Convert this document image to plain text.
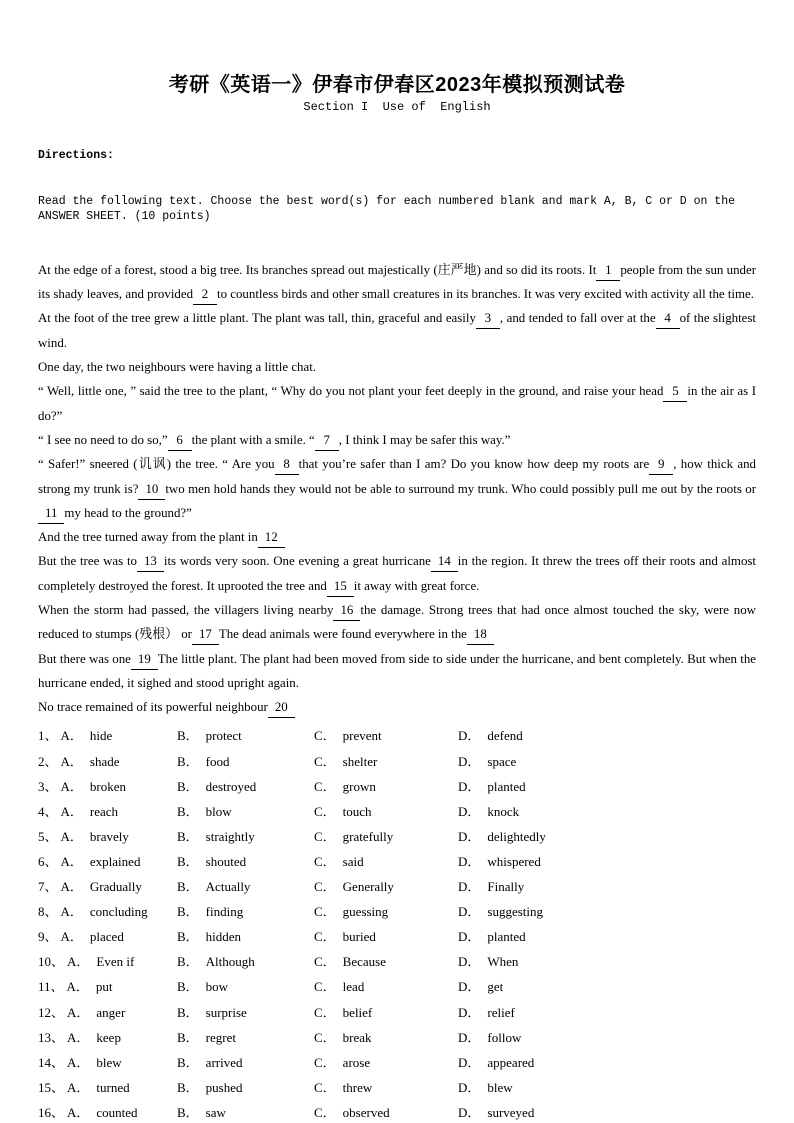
考研《英语一》伊春市伊春区2023年模拟预测试卷
Section I  Use of  English

Directions:

Read the following text. Choose the best word(s) for each numbered blank and mark A, B, C or D on the ANSWER SHEET. (10 points)

At the edge of a forest, stood a big tree. Its branches spread out majestically (庄严地) and so did its roots. It 1 people from the sun under its shady leaves, and provided 2 to countless birds and other small creatures in its branches. It was very excited with activity all the time.

At the foot of the tree grew a little plant. The plant was tall, thin, graceful and easily 3 , and tended to fall over at the 4 of the slightest wind.

One day, the two neighbours were having a little chat.

“ Well, little one, ” said the tree to the plant, “ Why do you not plant your feet deeply in the ground, and raise your head 5 in the air as I do?”

“ I see no need to do so,” 6 the plant with a smile. “ 7 , I think I may be safer this way.”

“ Safer!” sneered (讥讽) the tree. “ Are you 8 that you’re safer than I am? Do you know how deep my roots are 9 , how thick and strong my trunk is? 10 two men hold hands they would not be able to surround my trunk. Who could possibly pull me out by the roots or11 my head to the ground?”

And the tree turned away from the plant in 12

But the tree was to 13 its words very soon. One evening a great hurricane 14 in the region. It threw the trees off their roots and almost completely destroyed the forest. It uprooted the tree and 15 it away with great force.

When the storm had passed, the villagers living nearby 16 the damage. Strong trees that had once almost touched the sky, were now reduced to stumps (残根） or 17 The dead animals were found everywhere in the 18

But there was one 19 The little plant. The plant had been moved from side to side under the hurricane, and bent completely. But when the hurricane ended, it sighed and stood upright again.

No trace remained of its powerful neighbour 20

1、 A． hide	B． protect	C． prevent	D． defend
2、 A． shade	B． food	C． shelter	D． space
3、 A． broken	B． destroyed	C． grown	D． planted
4、 A． reach	B． blow	C． touch	D． knock
5、 A． bravely	B． straightly	C． gratefully	D． delightedly
6、 A． explained	B． shouted	C． said	D． whispered
7、 A． Gradually	B． Actually	C． Generally	D． Finally
8、 A． concluding	B． finding	C． guessing	D． suggesting
9、 A． placed	B． hidden	C． buried	D． planted
10、 A． Even if	B． Although	C． Because	D． When
11、 A． put	B． bow	C． lead	D． get
12、 A． anger	B． surprise	C． belief	D． relief
13、 A． keep	B． regret	C． break	D． follow
14、 A． blew	B． arrived	C． arose	D． appeared
15、 A． turned	B． pushed	C． threw	D． blew
16、 A． counted	B． saw	C． observed	D． surveyed
